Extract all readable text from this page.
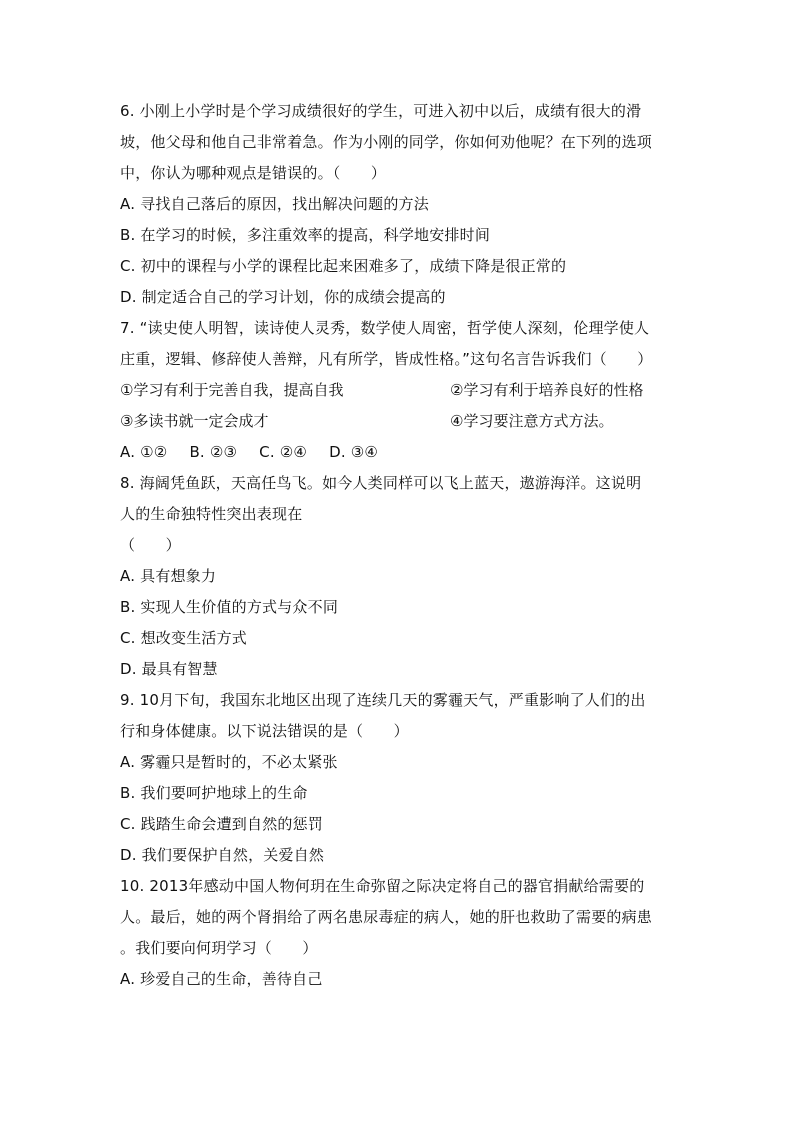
6. 小刚上小学时是个学习成绩很好的学生，可进入初中以后，成绩有很大的滑
坡，他父母和他自己非常着急。作为小刚的同学，你如何劝他呢？在下列的选项
中，你认为哪种观点是错误的。（　　）
A. 寻找自己落后的原因，找出解决问题的方法
B. 在学习的时候，多注重效率的提高，科学地安排时间
C. 初中的课程与小学的课程比起来困难多了，成绩下降是很正常的
D. 制定适合自己的学习计划，你的成绩会提高的
7. “读史使人明智，读诗使人灵秀，数学使人周密，哲学使人深刻，伦理学使人
庄重，逻辑、修辞使人善辩，凡有所学，皆成性格。”这句名言告诉我们（　　）
①学习有利于完善自我，提高自我	②学习有利于培养良好的性格
③多读书就一定会成才	④学习要注意方式方法。
A. ①② B. ②③ C. ②④ D. ③④
8. 海阔凭鱼跃，天高任鸟飞。如今人类同样可以飞上蓝天，遨游海洋。这说明
人的生命独特性突出表现在
（　　）
A. 具有想象力
B. 实现人生价值的方式与众不同
C. 想改变生活方式
D. 最具有智慧
9. 10月下旬，我国东北地区出现了连续几天的雾霾天气，严重影响了人们的出
行和身体健康。以下说法错误的是（　　）
A. 雾霾只是暂时的，不必太紧张
B. 我们要呵护地球上的生命
C. 践踏生命会遭到自然的惩罚
D. 我们要保护自然，关爱自然
10. 2013年感动中国人物何玥在生命弥留之际决定将自己的器官捐献给需要的
人。最后，她的两个肾捐给了两名患尿毒症的病人，她的肝也救助了需要的病患
。我们要向何玥学习（　　）
A. 珍爱自己的生命，善待自己
